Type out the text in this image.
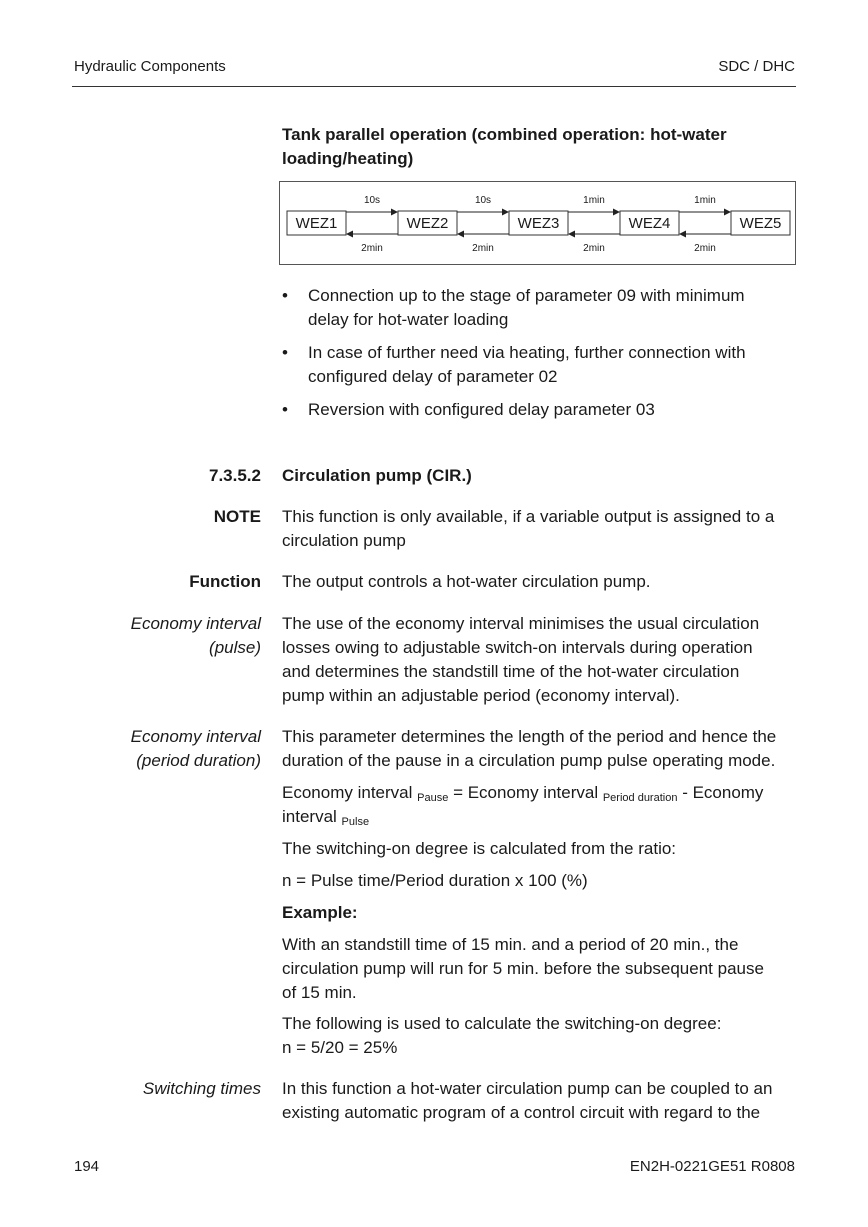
Hydraulic Components	SDC / DHC
Tank parallel operation (combined operation: hot-water
loading/heating)
WEZ1	WEZ2	WEZ3	WEZ4	WEZ5
10s
2min
10s
2min
1min
2min
1min
2min
• Connection up to the stage of parameter 09 with minimum
delay for hot-water loading
• In case of further need via heating, further connection with
configured delay of parameter 02
• Reversion with configured delay parameter 03
7.3.5.2 Circulation pump (CIR.)
NOTE This function is only available, if a variable output is assigned to a
circulation pump
Function The output controls a hot-water circulation pump.
Economy interval
(pulse)
The use of the economy interval minimises the usual circulation
losses owing to adjustable switch-on intervals during operation
and determines the standstill time of the hot-water circulation
pump within an adjustable period (economy interval).
Economy interval
(period duration)
This parameter determines the length of the period and hence the
duration of the pause in a circulation pump pulse operating mode.
Economy interval $_{Pause}$ = Economy interval $_{Period duration}$ - Economy
interval $_{Pulse}$
The switching-on degree is calculated from the ratio:
n = Pulse time/Period duration x 100 (%)
Example:
With an standstill time of 15 min. and a period of 20 min., the
circulation pump will run for 5 min. before the subsequent pause
of 15 min.
The following is used to calculate the switching-on degree:
n = 5/20 = 25%
Switching times In this function a hot-water circulation pump can be coupled to an
existing automatic program of a control circuit with regard to the
194	EN2H-0221GE51 R0808
